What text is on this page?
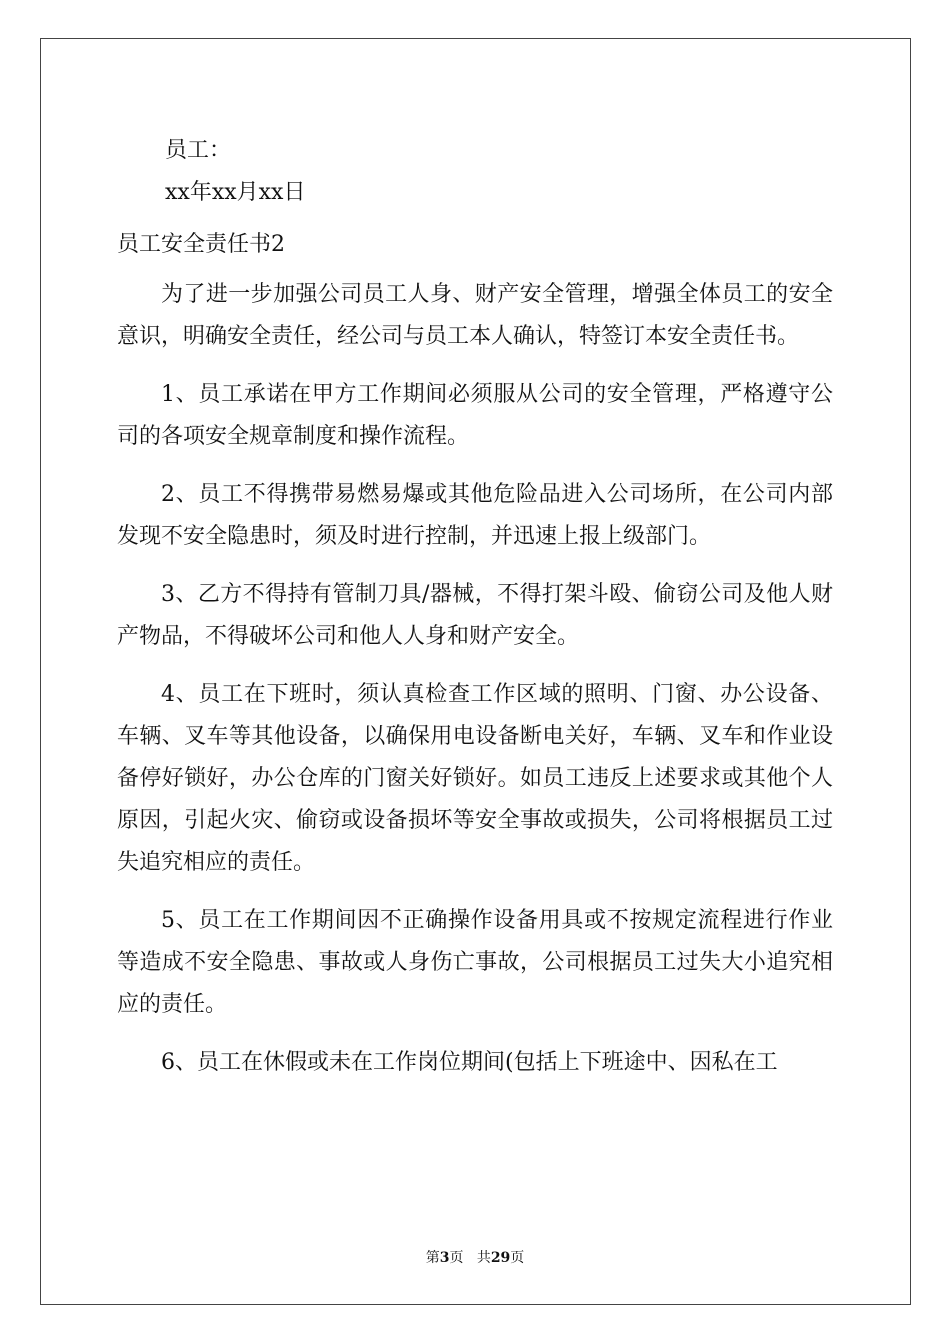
员工：

xx年xx月xx日

员工安全责任书2

为了进一步加强公司员工人身、财产安全管理，增强全体员工的安全意识，明确安全责任，经公司与员工本人确认，特签订本安全责任书。

1、员工承诺在甲方工作期间必须服从公司的安全管理，严格遵守公司的各项安全规章制度和操作流程。

2、员工不得携带易燃易爆或其他危险品进入公司场所，在公司内部发现不安全隐患时，须及时进行控制，并迅速上报上级部门。

3、乙方不得持有管制刀具/器械，不得打架斗殴、偷窃公司及他人财产物品，不得破坏公司和他人人身和财产安全。

4、员工在下班时，须认真检查工作区域的照明、门窗、办公设备、车辆、叉车等其他设备，以确保用电设备断电关好，车辆、叉车和作业设备停好锁好，办公仓库的门窗关好锁好。如员工违反上述要求或其他个人原因，引起火灾、偷窃或设备损坏等安全事故或损失，公司将根据员工过失追究相应的责任。

5、员工在工作期间因不正确操作设备用具或不按规定流程进行作业等造成不安全隐患、事故或人身伤亡事故，公司根据员工过失大小追究相应的责任。

6、员工在休假或未在工作岗位期间(包括上下班途中、因私在工

第3页 共29页
